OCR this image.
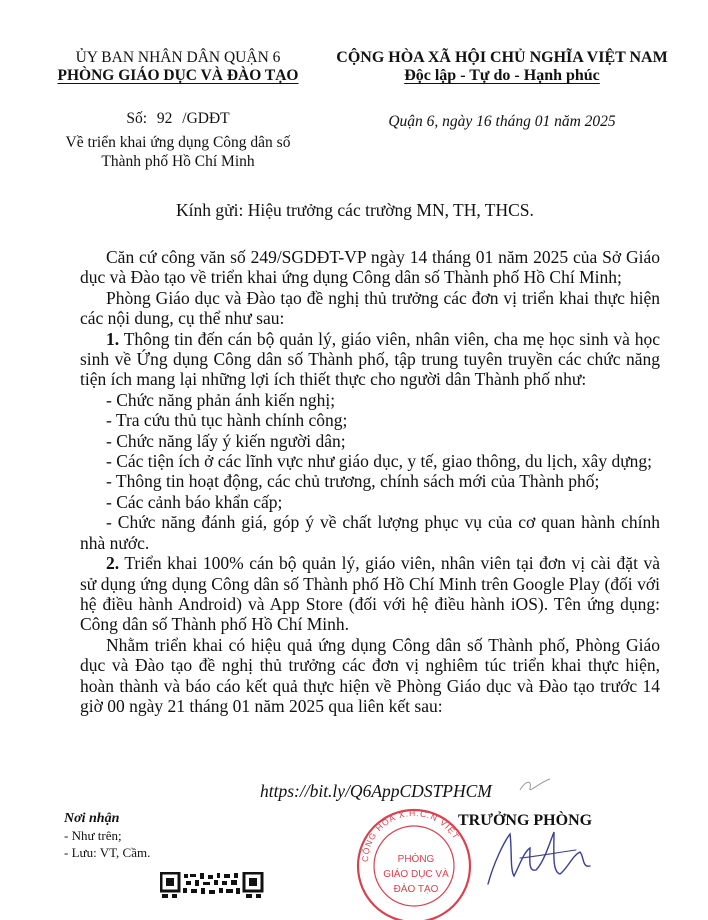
ỦY BAN NHÂN DÂN QUẬN 6
PHÒNG GIÁO DỤC VÀ ĐÀO TẠO
Số: 92 /GDĐT
Về triển khai ứng dụng Công dân số
Thành phố Hồ Chí Minh
CỘNG HÒA XÃ HỘI CHỦ NGHĨA VIỆT NAM
Độc lập - Tự do - Hạnh phúc
Quận 6, ngày 16 tháng 01 năm 2025
Kính gửi: Hiệu trưởng các trường MN, TH, THCS.

Căn cứ công văn số 249/SGDĐT-VP ngày 14 tháng 01 năm 2025 của Sở Giáo dục và Đào tạo về triển khai ứng dụng Công dân số Thành phố Hồ Chí Minh;

Phòng Giáo dục và Đào tạo đề nghị thủ trưởng các đơn vị triển khai thực hiện các nội dung, cụ thể như sau:

1. Thông tin đến cán bộ quản lý, giáo viên, nhân viên, cha mẹ học sinh và học sinh về Ứng dụng Công dân số Thành phố, tập trung tuyên truyền các chức năng tiện ích mang lại những lợi ích thiết thực cho người dân Thành phố như:

- Chức năng phản ánh kiến nghị;

- Tra cứu thủ tục hành chính công;

- Chức năng lấy ý kiến người dân;

- Các tiện ích ở các lĩnh vực như giáo dục, y tế, giao thông, du lịch, xây dựng;

- Thông tin hoạt động, các chủ trương, chính sách mới của Thành phố;

- Các cảnh báo khẩn cấp;

- Chức năng đánh giá, góp ý về chất lượng phục vụ của cơ quan hành chính nhà nước.

2. Triển khai 100% cán bộ quản lý, giáo viên, nhân viên tại đơn vị cài đặt và sử dụng ứng dụng Công dân số Thành phố Hồ Chí Minh trên Google Play (đối với hệ điều hành Android) và App Store (đối với hệ điều hành iOS). Tên ứng dụng: Công dân số Thành phố Hồ Chí Minh.

Nhằm triển khai có hiệu quả ứng dụng Công dân số Thành phố, Phòng Giáo dục và Đào tạo đề nghị thủ trưởng các đơn vị nghiêm túc triển khai thực hiện, hoàn thành và báo cáo kết quả thực hiện về Phòng Giáo dục và Đào tạo trước 14 giờ 00 ngày 21 tháng 01 năm 2025 qua liên kết sau:

https://bit.ly/Q6AppCDSTPHCM
Nơi nhận
- Như trên;
- Lưu: VT, Cầm.	CỘNG HÒA X.H.C.N VIỆT
PHÒNG
GIÁO DỤC VÀ
ĐÀO TẠO
TRƯỞNG PHÒNG
